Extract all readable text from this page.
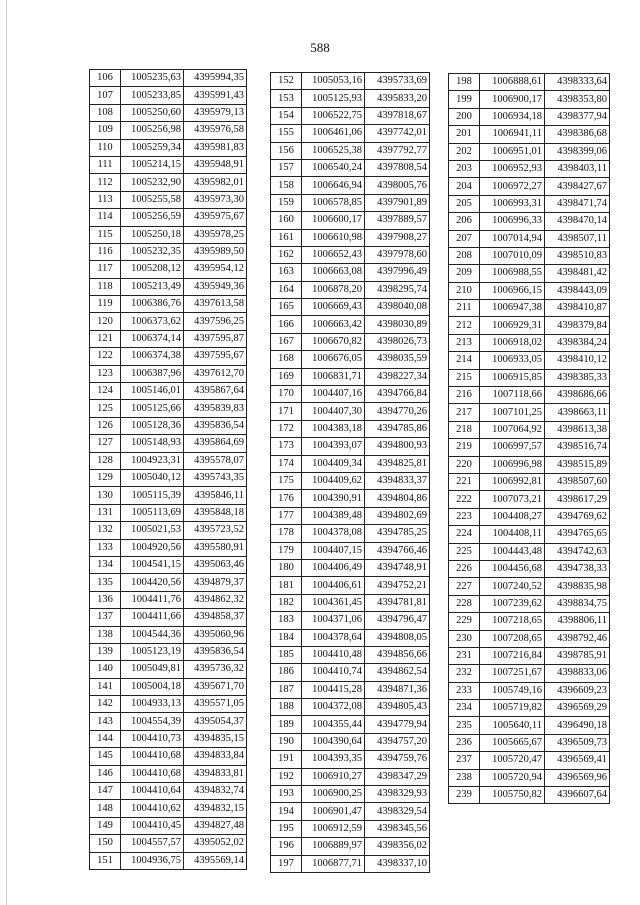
588
106	1005235,63	4395994,35
107	1005233,85	4395991,43
108	1005250,60	4395979,13
109	1005256,98	4395976,58
110	1005259,34	4395981,83
111	1005214,15	4395948,91
112	1005232,90	4395982,01
113	1005255,58	4395973,30
114	1005256,59	4395975,67
115	1005250,18	4395978,25
116	1005232,35	4395989,50
117	1005208,12	4395954,12
118	1005213,49	4395949,36
119	1006386,76	4397613,58
120	1006373,62	4397596,25
121	1006374,14	4397595,87
122	1006374,38	4397595,67
123	1006387,96	4397612,70
124	1005146,01	4395867,64
125	1005125,66	4395839,83
126	1005128,36	4395836,54
127	1005148,93	4395864,69
128	1004923,31	4395578,07
129	1005040,12	4395743,35
130	1005115,39	4395846,11
131	1005113,69	4395848,18
132	1005021,53	4395723,52
133	1004920,56	4395580,91
134	1004541,15	4395063,46
135	1004420,56	4394879,37
136	1004411,76	4394862,32
137	1004411,66	4394858,37
138	1004544,36	4395060,96
139	1005123,19	4395836,54
140	1005049,81	4395736,32
141	1005004,18	4395671,70
142	1004933,13	4395571,05
143	1004554,39	4395054,37
144	1004410,73	4394835,15
145	1004410,68	4394833,84
146	1004410,68	4394833,81
147	1004410,64	4394832,74
148	1004410,62	4394832,15
149	1004410,45	4394827,48
150	1004557,57	4395052,02
151	1004936,75	4395569,14
152	1005053,16	4395733,69
153	1005125,93	4395833,20
154	1006522,75	4397818,67
155	1006461,06	4397742,01
156	1006525,38	4397792,77
157	1006540,24	4397808,54
158	1006646,94	4398005,76
159	1006578,85	4397901,89
160	1006600,17	4397889,57
161	1006610,98	4397908,27
162	1006652,43	4397978,60
163	1006663,08	4397996,49
164	1006878,20	4398295,74
165	1006669,43	4398040,08
166	1006663,42	4398030,89
167	1006670,82	4398026,73
168	1006676,05	4398035,59
169	1006831,71	4398227,34
170	1004407,16	4394766,84
171	1004407,30	4394770,26
172	1004383,18	4394785,86
173	1004393,07	4394800,93
174	1004409,34	4394825,81
175	1004409,62	4394833,37
176	1004390,91	4394804,86
177	1004389,48	4394802,69
178	1004378,08	4394785,25
179	1004407,15	4394766,46
180	1004406,49	4394748,91
181	1004406,61	4394752,21
182	1004361,45	4394781,81
183	1004371,06	4394796,47
184	1004378,64	4394808,05
185	1004410,48	4394856,66
186	1004410,74	4394862,54
187	1004415,28	4394871,36
188	1004372,08	4394805,43
189	1004355,44	4394779,94
190	1004390,64	4394757,20
191	1004393,35	4394759,76
192	1006910,27	4398347,29
193	1006900,25	4398329,93
194	1006901,47	4398329,54
195	1006912,59	4398345,56
196	1006889,97	4398356,02
197	1006877,71	4398337,10
198	1006888,61	4398333,64
199	1006900,17	4398353,80
200	1006934,18	4398377,94
201	1006941,11	4398386,68
202	1006951,01	4398399,06
203	1006952,93	4398403,11
204	1006972,27	4398427,67
205	1006993,31	4398471,74
206	1006996,33	4398470,14
207	1007014,94	4398507,11
208	1007010,09	4398510,83
209	1006988,55	4398481,42
210	1006966,15	4398443,09
211	1006947,38	4398410,87
212	1006929,31	4398379,84
213	1006918,02	4398384,24
214	1006933,05	4398410,12
215	1006915,85	4398385,33
216	1007118,66	4398686,66
217	1007101,25	4398663,11
218	1007064,92	4398613,38
219	1006997,57	4398516,74
220	1006996,98	4398515,89
221	1006992,81	4398507,60
222	1007073,21	4398617,29
223	1004408,27	4394769,62
224	1004408,11	4394765,65
225	1004443,48	4394742,63
226	1004456,68	4394738,33
227	1007240,52	4398835,98
228	1007239,62	4398834,75
229	1007218,65	4398806,11
230	1007208,65	4398792,46
231	1007216,84	4398785,91
232	1007251,67	4398833,06
233	1005749,16	4396609,23
234	1005719,82	4396569,29
235	1005640,11	4396490,18
236	1005665,67	4396509,73
237	1005720,47	4396569,41
238	1005720,94	4396569,96
239	1005750,82	4396607,64
